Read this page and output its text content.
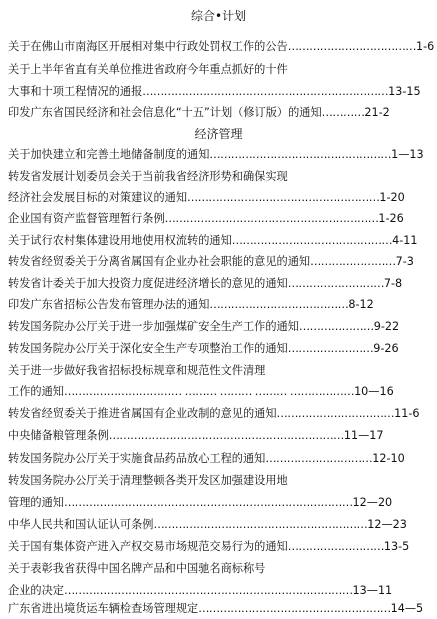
综合•计划
关于在佛山市南海区开展相对集中行政处罚权工作的公告………………………………1-6
关于上半年省直有关单位推进省政府今年重点抓好的十件
大事和十项工程情况的通报……………………………………………………………13-15
印发广东省国民经济和社会信息化“十五”计划（修订版）的通知…………21-2
经济管理
关于加快建立和完善土地储备制度的通知……………………………………………1—13
转发省发展计划委员会关于当前我省经济形势和确保实现
经济社会发展目标的对策建议的通知………………………………………………1-20
企业国有资产监督管理暂行条例……………………………………………………1-26
关于试行农村集体建设用地使用权流转的通知………………………………………4-11
转发省经贸委关于分离省属国有企业办社会职能的意见的通知……………………7-3
转发省计委关于加大投资力度促进经济增长的意见的通知………………………7-8
印发广东省招标公告发布管理办法的通知…………………………………8-12
转发国务院办公厅关于进一步加强煤矿安全生产工作的通知…………………9-22
转发国务院办公厅关于深化安全生产专项整治工作的通知……………………9-26
关于进一步做好我省招标投标规章和规范性文件清理
工作的通知…………………………… ……… ……… ……… ………………10—16
转发省经贸委关于推进省属国有企业改制的意见的通知……………………………11-6
中央储备粮管理条例…………………………………………………………11—17
转发国务院办公厅关于实施食品药品放心工程的通知…………………………12-10
转发国务院办公厅关于清理整顿各类开发区加强建设用地
管理的通知………………………………………………………………………12—20
中华人民共和国认证认可条例……………………………………………………12—23
关于国有集体资产进入产权交易市场规范交易行为的通知………………………13-5
关于表彰我省获得中国名牌产品和中国驰名商标称号
企业的决定………………………………………………………………………13—11
广东省进出境货运车辆检查场管理规定………………………………………………14—5
